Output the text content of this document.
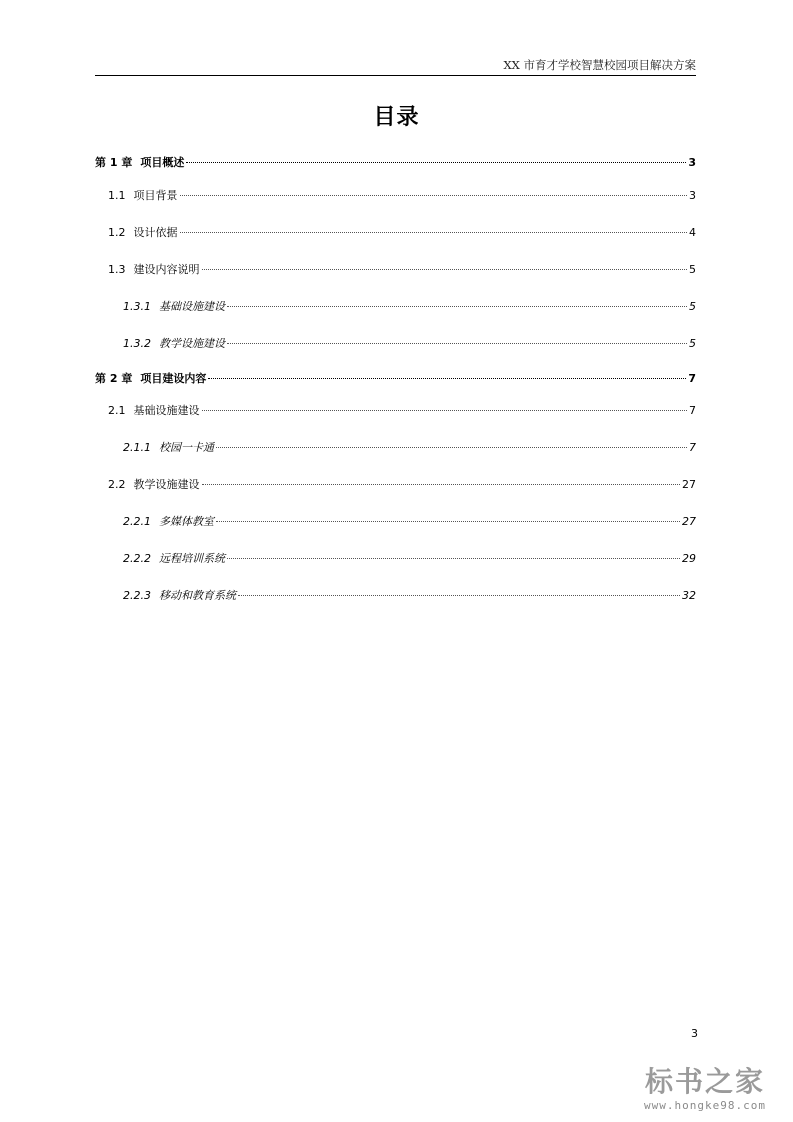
XX 市育才学校智慧校园项目解决方案
目录
第 1 章 项目概述	3
1.1 项目背景	3
1.2 设计依据	4
1.3 建设内容说明	5
1.3.1 基础设施建设	5
1.3.2 教学设施建设	5
第 2 章 项目建设内容	7
2.1 基础设施建设	7
2.1.1 校园一卡通	7
2.2 教学设施建设	27
2.2.1 多媒体教室	27
2.2.2 远程培训系统	29
2.2.3 移动和教育系统	32
3
标书之家
www.hongke98.com
